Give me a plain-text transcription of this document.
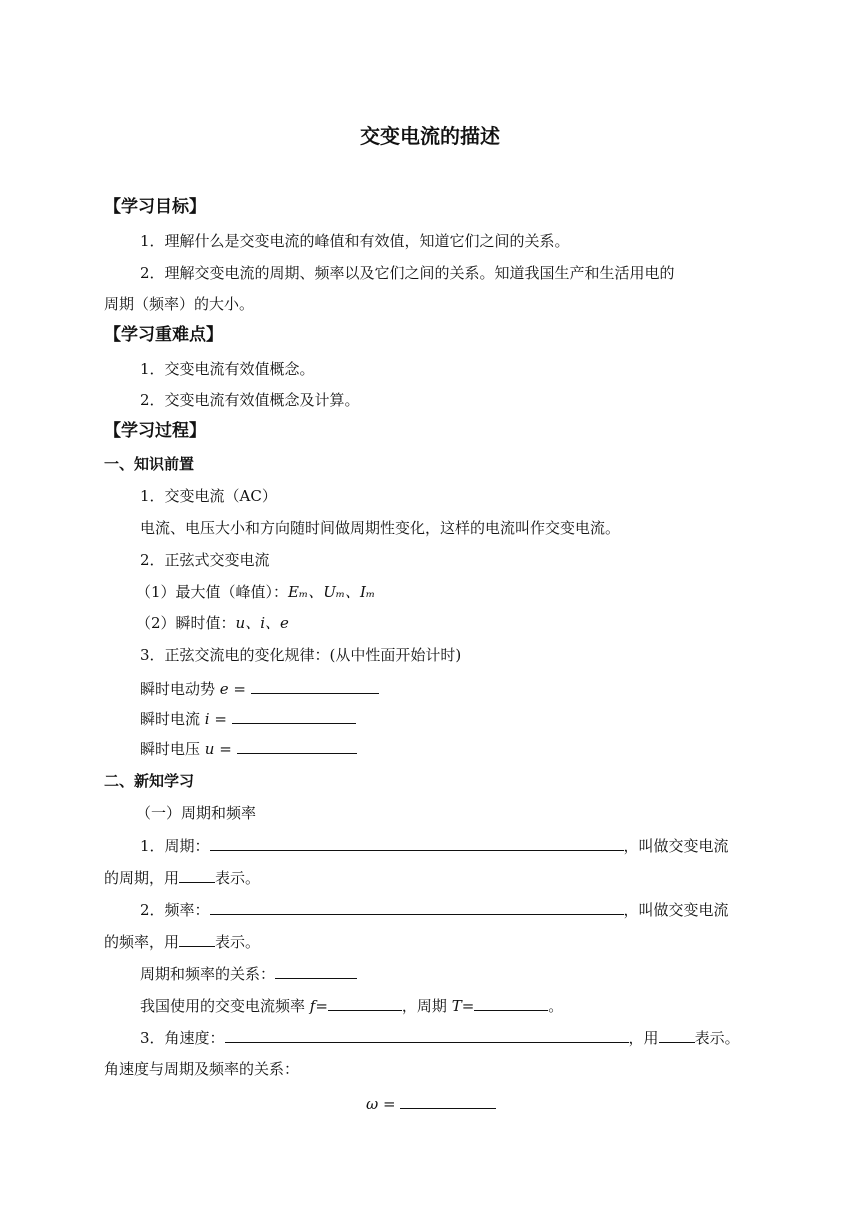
交变电流的描述
【学习目标】
1．理解什么是交变电流的峰值和有效值，知道它们之间的关系。
2．理解交变电流的周期、频率以及它们之间的关系。知道我国生产和生活用电的
周期（频率）的大小。
【学习重难点】
1．交变电流有效值概念。
2．交变电流有效值概念及计算。
【学习过程】
一、知识前置
1．交变电流（AC）
电流、电压大小和方向随时间做周期性变化，这样的电流叫作交变电流。
2．正弦式交变电流
（1）最大值（峰值）：Eₘ、Uₘ、Iₘ
（2）瞬时值：u、i、e
3．正弦交流电的变化规律：(从中性面开始计时)
瞬时电动势 e =
瞬时电流 i =
瞬时电压 u =
二、新知学习
（一）周期和频率
1．周期：	，叫做交变电流
的周期，用 表示。
2．频率：	，叫做交变电流
的频率，用 表示。
周期和频率的关系：
我国使用的交变电流频率 f=	，周期 T=	。
3．角速度：	，用 表示。
角速度与周期及频率的关系：
ω =
